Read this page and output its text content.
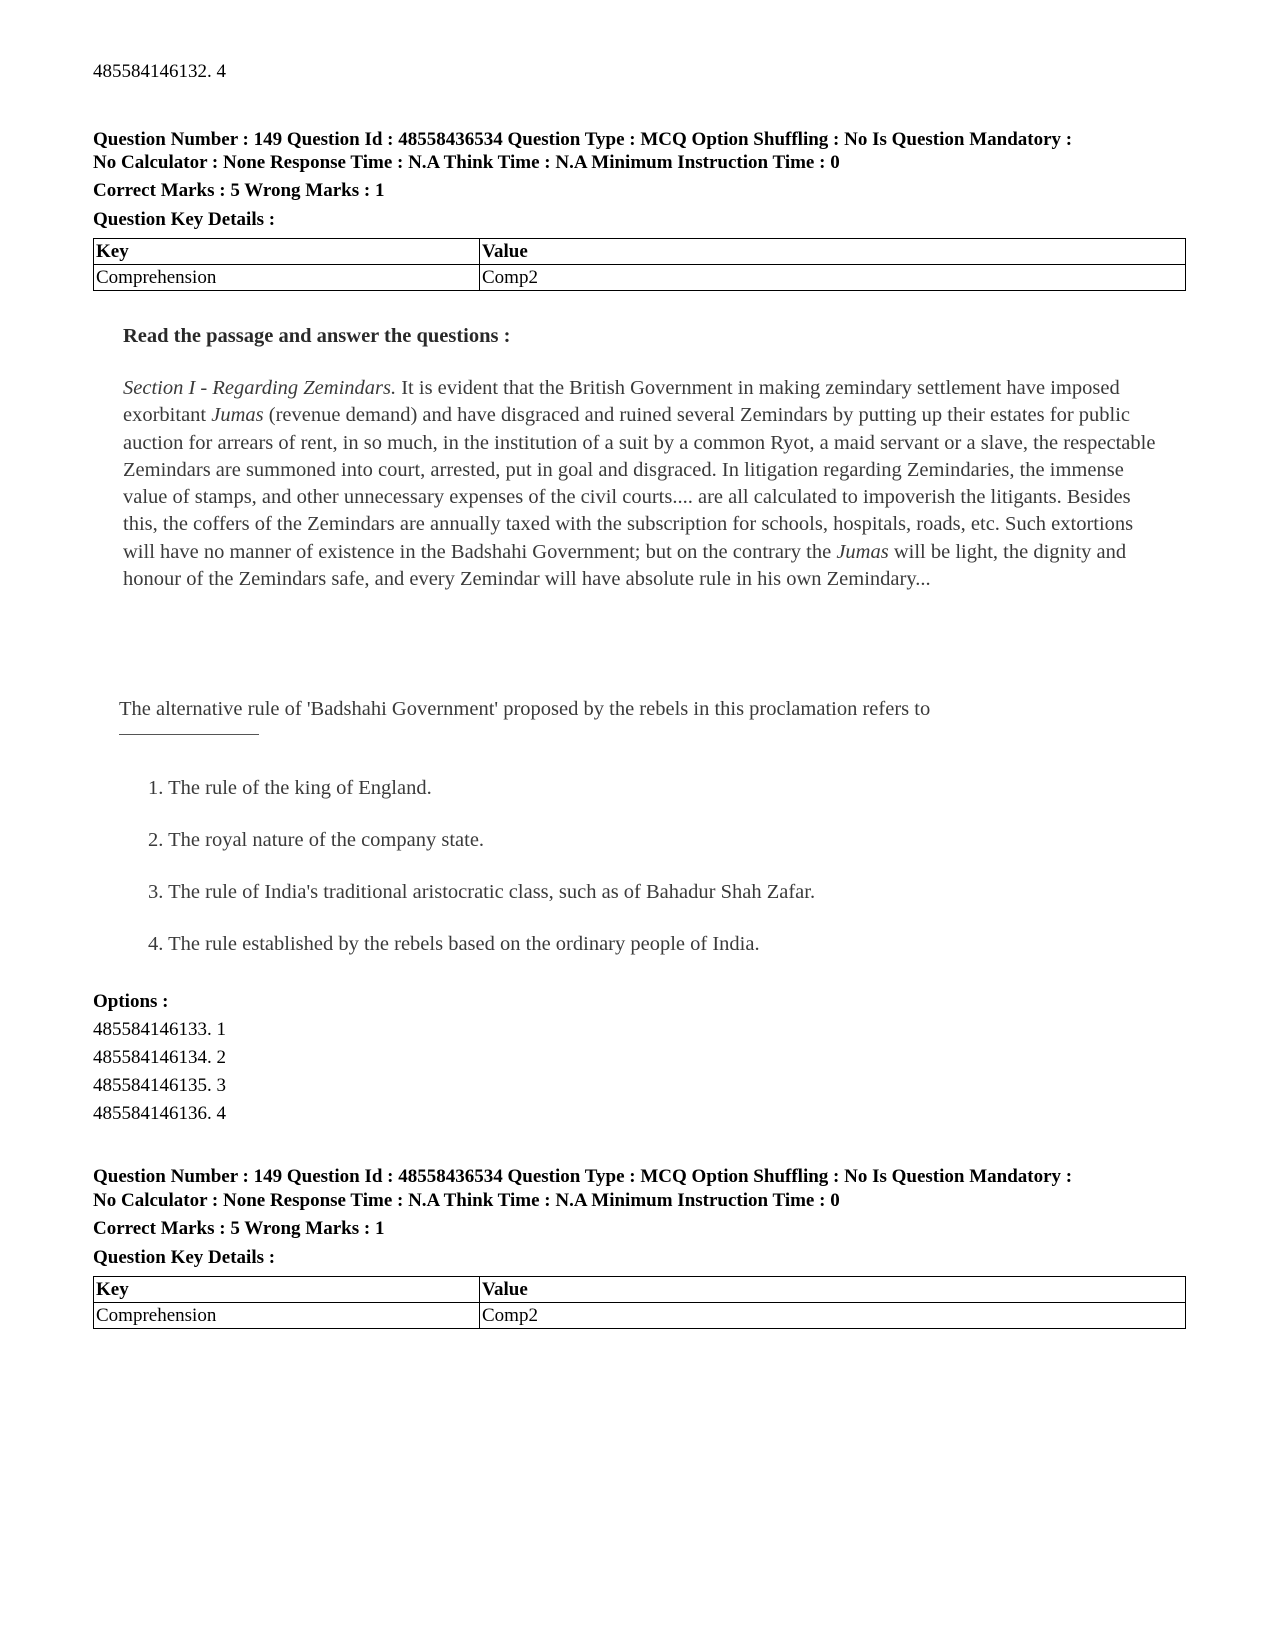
485584146132. 4
Question Number : 149 Question Id : 48558436534 Question Type : MCQ Option Shuffling : No Is Question Mandatory :
No Calculator : None Response Time : N.A Think Time : N.A Minimum Instruction Time : 0
Correct Marks : 5 Wrong Marks : 1
Question Key Details :
Key	Value
Comprehension	Comp2
Read the passage and answer the questions :
Section I - Regarding Zemindars. It is evident that the British Government in making zemindary settlement have imposed exorbitant Jumas (revenue demand) and have disgraced and ruined several Zemindars by putting up their estates for public auction for arrears of rent, in so much, in the institution of a suit by a common Ryot, a maid servant or a slave, the respectable Zemindars are summoned into court, arrested, put in goal and disgraced. In litigation regarding Zemindaries, the immense value of stamps, and other unnecessary expenses of the civil courts.... are all calculated to impoverish the litigants. Besides this, the coffers of the Zemindars are annually taxed with the subscription for schools, hospitals, roads, etc. Such extortions will have no manner of existence in the Badshahi Government; but on the contrary the Jumas will be light, the dignity and honour of the Zemindars safe, and every Zemindar will have absolute rule in his own Zemindary...
The alternative rule of 'Badshahi Government' proposed by the rebels in this proclamation refers to
1. The rule of the king of England.
2. The royal nature of the company state.
3. The rule of India's traditional aristocratic class, such as of Bahadur Shah Zafar.
4. The rule established by the rebels based on the ordinary people of India.
Options :
485584146133. 1
485584146134. 2
485584146135. 3
485584146136. 4
Question Number : 149 Question Id : 48558436534 Question Type : MCQ Option Shuffling : No Is Question Mandatory :
No Calculator : None Response Time : N.A Think Time : N.A Minimum Instruction Time : 0
Correct Marks : 5 Wrong Marks : 1
Question Key Details :
Key	Value
Comprehension	Comp2
